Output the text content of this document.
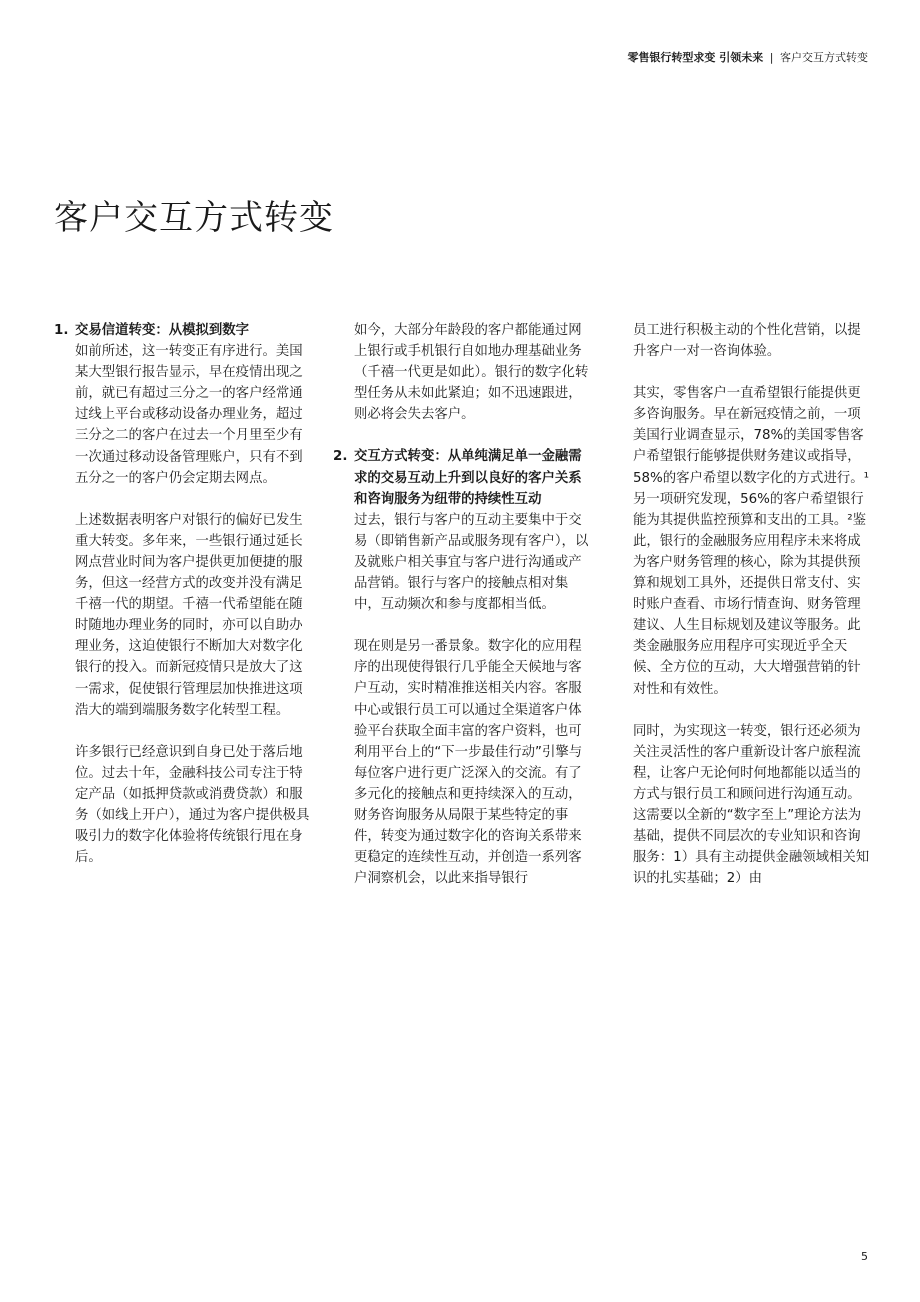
零售银行转型求变 引领未来 | 客户交互方式转变
客户交互方式转变
1. 交易信道转变：从模拟到数字

如前所述，这一转变正有序进行。美国某大型银行报告显示，早在疫情出现之前，就已有超过三分之一的客户经常通过线上平台或移动设备办理业务，超过三分之二的客户在过去一个月里至少有一次通过移动设备管理账户，只有不到五分之一的客户仍会定期去网点。

上述数据表明客户对银行的偏好已发生重大转变。多年来，一些银行通过延长网点营业时间为客户提供更加便捷的服务，但这一经营方式的改变并没有满足千禧一代的期望。千禧一代希望能在随时随地办理业务的同时，亦可以自助办理业务，这迫使银行不断加大对数字化银行的投入。而新冠疫情只是放大了这一需求，促使银行管理层加快推进这项浩大的端到端服务数字化转型工程。

许多银行已经意识到自身已处于落后地位。过去十年，金融科技公司专注于特定产品（如抵押贷款或消费贷款）和服务（如线上开户），通过为客户提供极具吸引力的数字化体验将传统银行甩在身后。

如今，大部分年龄段的客户都能通过网上银行或手机银行自如地办理基础业务（千禧一代更是如此）。银行的数字化转型任务从未如此紧迫；如不迅速跟进，则必将会失去客户。

2. 交互方式转变：从单纯满足单一金融需求的交易互动上升到以良好的客户关系和咨询服务为纽带的持续性互动

过去，银行与客户的互动主要集中于交易（即销售新产品或服务现有客户），以及就账户相关事宜与客户进行沟通或产品营销。银行与客户的接触点相对集中，互动频次和参与度都相当低。

现在则是另一番景象。数字化的应用程序的出现使得银行几乎能全天候地与客户互动，实时精准推送相关内容。客服中心或银行员工可以通过全渠道客户体验平台获取全面丰富的客户资料，也可利用平台上的“下一步最佳行动”引擎与每位客户进行更广泛深入的交流。有了多元化的接触点和更持续深入的互动，财务咨询服务从局限于某些特定的事件，转变为通过数字化的咨询关系带来更稳定的连续性互动，并创造一系列客户洞察机会，以此来指导银行

员工进行积极主动的个性化营销，以提升客户一对一咨询体验。

其实，零售客户一直希望银行能提供更多咨询服务。早在新冠疫情之前，一项美国行业调查显示，78%的美国零售客户希望银行能够提供财务建议或指导，58%的客户希望以数字化的方式进行。¹另一项研究发现，56%的客户希望银行能为其提供监控预算和支出的工具。²鉴此，银行的金融服务应用程序未来将成为客户财务管理的核心，除为其提供预算和规划工具外，还提供日常支付、实时账户查看、市场行情查询、财务管理建议、人生目标规划及建议等服务。此类金融服务应用程序可实现近乎全天候、全方位的互动，大大增强营销的针对性和有效性。

同时，为实现这一转变，银行还必须为关注灵活性的客户重新设计客户旅程流程，让客户无论何时何地都能以适当的方式与银行员工和顾问进行沟通互动。这需要以全新的“数字至上”理论方法为基础，提供不同层次的专业知识和咨询服务：1）具有主动提供金融领域相关知识的扎实基础；2）由

5
